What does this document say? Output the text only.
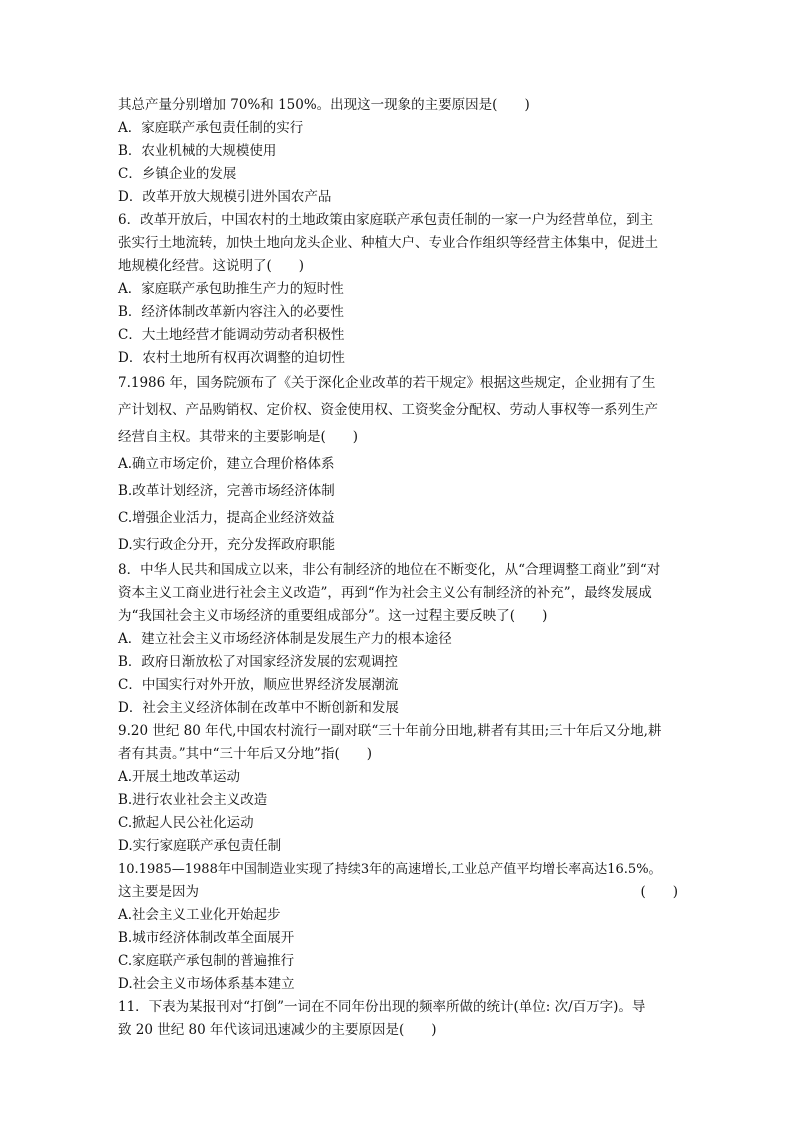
其总产量分别增加 70%和 150%。出现这一现象的主要原因是(　　)
A．家庭联产承包责任制的实行
B．农业机械的大规模使用
C．乡镇企业的发展
D．改革开放大规模引进外国农产品
6．改革开放后，中国农村的土地政策由家庭联产承包责任制的一家一户为经营单位，到主
张实行土地流转，加快土地向龙头企业、种植大户、专业合作组织等经营主体集中，促进土
地规模化经营。这说明了(　　)
A．家庭联产承包助推生产力的短时性
B．经济体制改革新内容注入的必要性
C．大土地经营才能调动劳动者积极性
D．农村土地所有权再次调整的迫切性
7.1986 年，国务院颁布了《关于深化企业改革的若干规定》根据这些规定，企业拥有了生
产计划权、产品购销权、定价权、资金使用权、工资奖金分配权、劳动人事权等一系列生产
经营自主权。其带来的主要影响是(　　)
A.确立市场定价，建立合理价格体系
B.改革计划经济，完善市场经济体制
C.增强企业活力，提高企业经济效益
D.实行政企分开，充分发挥政府职能
8．中华人民共和国成立以来，非公有制经济的地位在不断变化，从“合理调整工商业”到“对
资本主义工商业进行社会主义改造”，再到“作为社会主义公有制经济的补充”，最终发展成
为“我国社会主义市场经济的重要组成部分”。这一过程主要反映了(　　)
A．建立社会主义市场经济体制是发展生产力的根本途径
B．政府日渐放松了对国家经济发展的宏观调控
C．中国实行对外开放，顺应世界经济发展潮流
D．社会主义经济体制在改革中不断创新和发展
9.20 世纪 80 年代,中国农村流行一副对联“三十年前分田地,耕者有其田;三十年后又分地,耕
者有其责。”其中“三十年后又分地”指(　　)
A.开展土地改革运动
B.进行农业社会主义改造
C.掀起人民公社化运动
D.实行家庭联产承包责任制
10.1985—1988年中国制造业实现了持续3年的高速增长,工业总产值平均增长率高达16.5%。
这主要是因为	(　　)
A.社会主义工业化开始起步
B.城市经济体制改革全面展开
C.家庭联产承包制的普遍推行
D.社会主义市场体系基本建立
11．下表为某报刊对“打倒”一词在不同年份出现的频率所做的统计(单位: 次/百万字)。导
致 20 世纪 80 年代该词迅速减少的主要原因是(　　)
